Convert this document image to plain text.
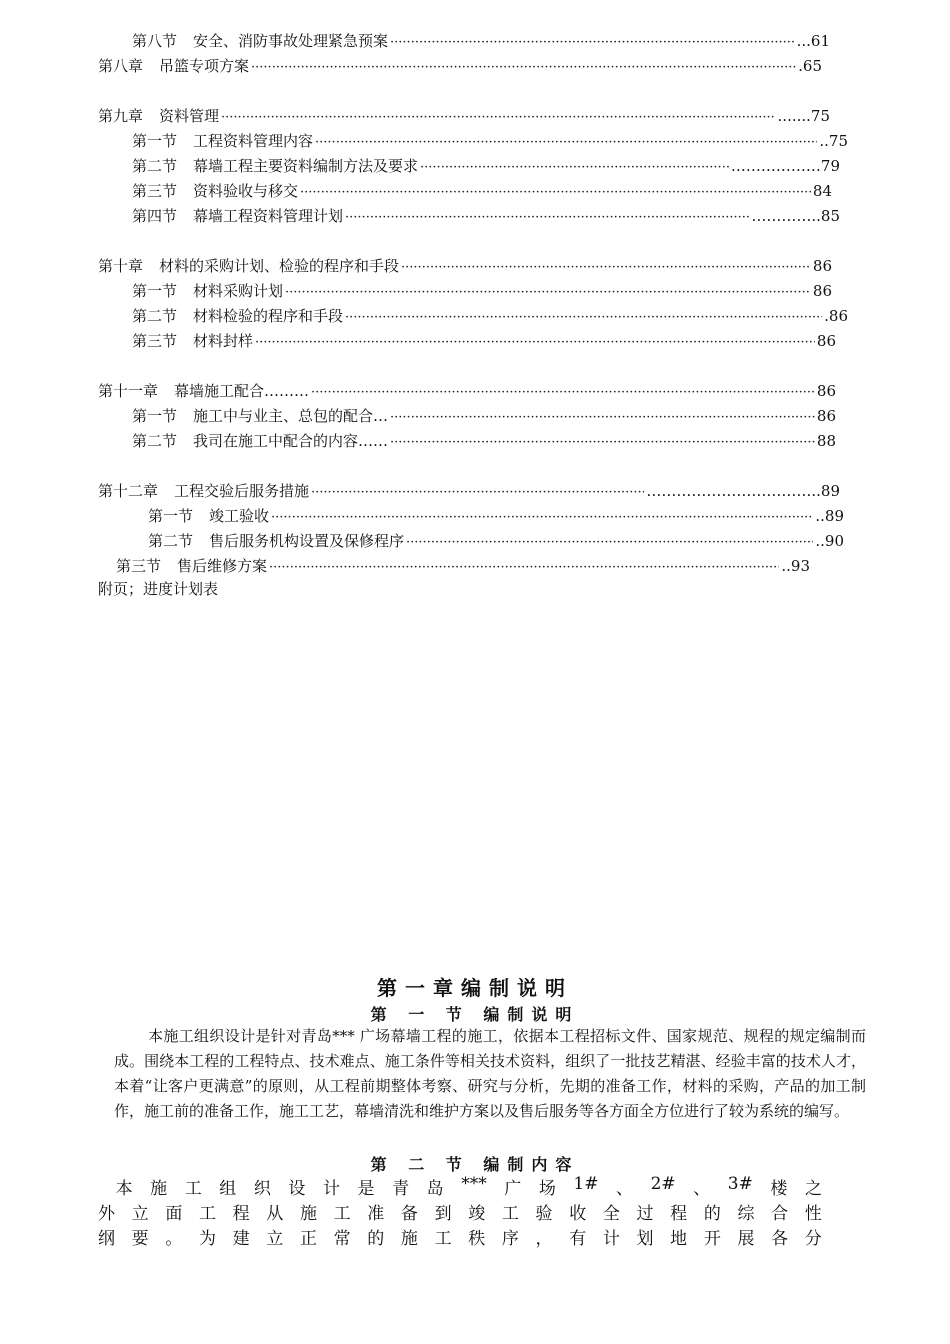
第八节 安全、消防事故处理紧急预案 ·····	...61
第八章 吊篮专项方案 ·····	.65
第九章 资料管理 ·····	.......75
第一节 工程资料管理内容 ·····	..75
第二节 幕墙工程主要资料编制方法及要求 ·····	………………79
第三节 资料验收与移交 ·····	84
第四节 幕墙工程资料管理计划 ·····	…………..85
第十章 材料的采购计划、检验的程序和手段 ·····	86
第一节 材料采购计划 ·····	86
第二节 材料检验的程序和手段 ·····	.86
第三节 材料封样 ·····	86
第十一章 幕墙施工配合……… ·····	86
第一节 施工中与业主、总包的配合… ·····	86
第二节 我司在施工中配合的内容…… ·····	88
第十二章 工程交验后服务措施 ·····	……………………………..89
第一节 竣工验收 ·····	..89
第二节 售后服务机构设置及保修程序 ·····	..90
第三节 售后维修方案 ·····	..93
附页；进度计划表
第一章编制说明
第 一 节 编制说明
本施工组织设计是针对青岛*** 广场幕墙工程的施工，依据本工程招标文件、国家规范、规程的规定编制而成。围绕本工程的工程特点、技术难点、施工条件等相关技术资料，组织了一批技艺精湛、经验丰富的技术人才，本着“让客户更满意”的原则，从工程前期整体考察、研究与分析，先期的准备工作，材料的采购，产品的加工制作，施工前的准备工作，施工工艺，幕墙清洗和维护方案以及售后服务等各方面全方位进行了较为系统的编写。
第 二 节 编制内容
本 施 工 组 织 设 计 是 青 岛 *** 广 场 1# 、 2# 、 3# 楼 之
外 立 面 工 程 从 施 工 准 备 到 竣 工 验 收 全 过 程 的 综 合 性
纲 要 。 为 建 立 正 常 的 施 工 秩 序 ， 有 计 划 地 开 展 各 分
